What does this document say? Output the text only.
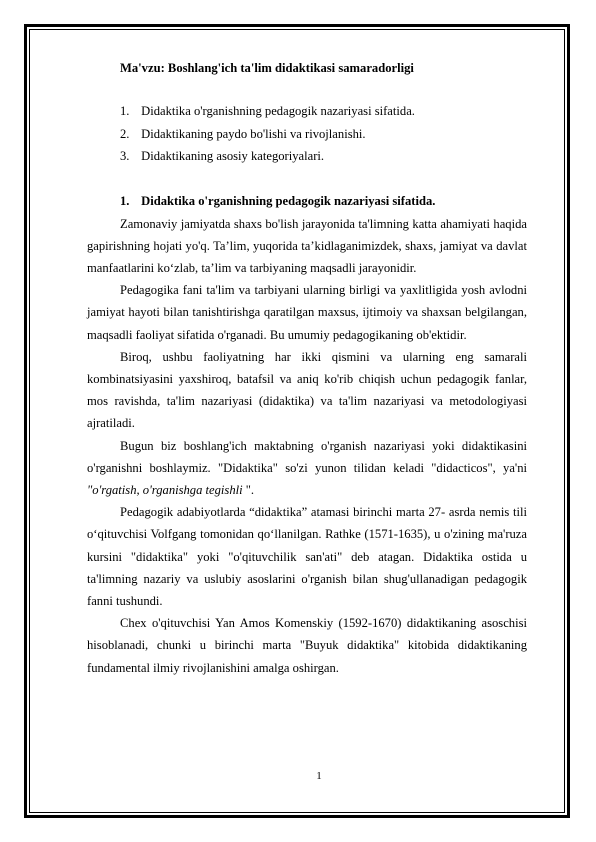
Ma'vzu: Boshlang'ich ta'lim didaktikasi samaradorligi

1. Didaktika o'rganishning pedagogik nazariyasi sifatida.
2. Didaktikaning paydo bo'lishi va rivojlanishi.
3. Didaktikaning asosiy kategoriyalari.

1. Didaktika o'rganishning pedagogik nazariyasi sifatida.

Zamonaviy jamiyatda shaxs bo'lish jarayonida ta'limning katta ahamiyati haqida gapirishning hojati yo'q. Ta’lim, yuqorida ta’kidlaganimizdek, shaxs, jamiyat va davlat manfaatlarini ko‘zlab, ta’lim va tarbiyaning maqsadli jarayonidir.

Pedagogika fani ta'lim va tarbiyani ularning birligi va yaxlitligida yosh avlodni jamiyat hayoti bilan tanishtirishga qaratilgan maxsus, ijtimoiy va shaxsan belgilangan, maqsadli faoliyat sifatida o'rganadi. Bu umumiy pedagogikaning ob'ektidir.

Biroq, ushbu faoliyatning har ikki qismini va ularning eng samarali kombinatsiyasini yaxshiroq, batafsil va aniq ko'rib chiqish uchun pedagogik fanlar, mos ravishda, ta'lim nazariyasi (didaktika) va ta'lim nazariyasi va metodologiyasi ajratiladi.

Bugun biz boshlang'ich maktabning o'rganish nazariyasi yoki didaktikasini o'rganishni boshlaymiz. "Didaktika" so'zi yunon tilidan keladi "didacticos", ya'ni "o'rgatish, o'rganishga tegishli ".

Pedagogik adabiyotlarda “didaktika” atamasi birinchi marta 27- asrda nemis tili o‘qituvchisi Volfgang tomonidan qo‘llanilgan. Rathke (1571-1635), u o'zining ma'ruza kursini "didaktika" yoki "o'qituvchilik san'ati" deb atagan. Didaktika ostida u ta'limning nazariy va uslubiy asoslarini o'rganish bilan shug'ullanadigan pedagogik fanni tushundi.

Chex o'qituvchisi Yan Amos Komenskiy (1592-1670) didaktikaning asoschisi hisoblanadi, chunki u birinchi marta "Buyuk didaktika" kitobida didaktikaning fundamental ilmiy rivojlanishini amalga oshirgan.

1
